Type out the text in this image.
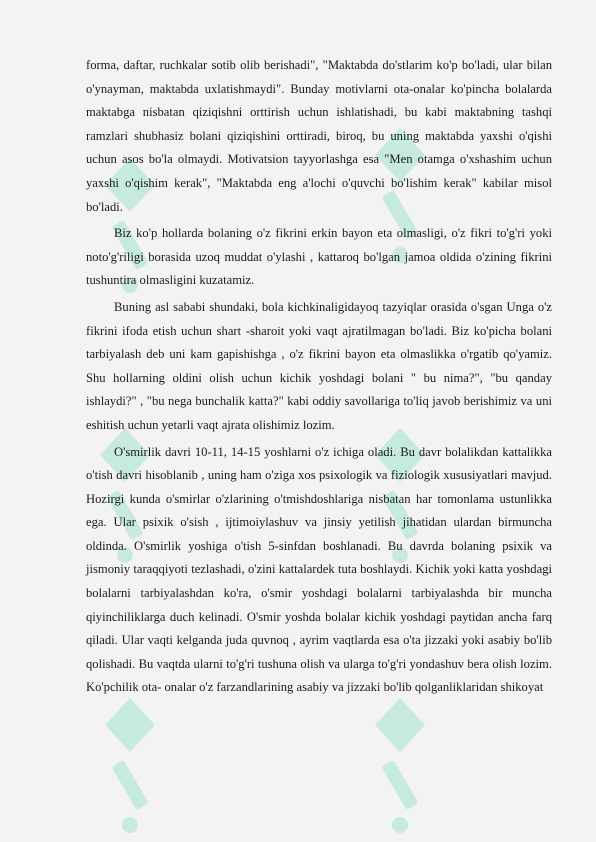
forma, daftar, ruchkalar sotib olib berishadi", "Maktabda do'stlarim ko'p bo'ladi, ular bilan o'ynayman, maktabda uxlatishmaydi". Bunday motivlarni ota-onalar ko'pincha bolalarda maktabga nisbatan qiziqishni orttirish uchun ishlatishadi, bu kabi maktabning tashqi ramzlari shubhasiz bolani qiziqishini orttiradi, biroq, bu uning maktabda yaxshi o'qishi uchun asos bo'la olmaydi. Motivatsion tayyorlashga esa "Men otamga o'xshashim uchun yaxshi o'qishim kerak", "Maktabda eng a'lochi o'quvchi bo'lishim kerak" kabilar misol bo'ladi.

Biz ko'p hollarda bolaning o'z fikrini erkin bayon eta olmasligi, o'z fikri to'g'ri yoki noto'g'riligi borasida uzoq muddat o'ylashi , kattaroq bo'lgan jamoa oldida o'zining fikrini tushuntira olmasligini kuzatamiz.

Buning asl sababi shundaki, bola kichkinaligidayoq tazyiqlar orasida o'sgan Unga o'z fikrini ifoda etish uchun shart -sharoit yoki vaqt ajratilmagan bo'ladi. Biz ko'picha bolani tarbiyalash deb uni kam gapishishga , o'z fikrini bayon eta olmaslikka o'rgatib qo'yamiz. Shu hollarning oldini olish uchun kichik yoshdagi bolani " bu nima?", "bu qanday ishlaydi?" , "bu nega bunchalik katta?" kabi oddiy savollariga to'liq javob berishimiz va uni eshitish uchun yetarli vaqt ajrata olishimiz lozim.

O'smirlik davri 10-11, 14-15 yoshlarni o'z ichiga oladi. Bu davr bolalikdan kattalikka o'tish davri hisoblanib , uning ham o'ziga xos psixologik va fiziologik xususiyatlari mavjud. Hozirgi kunda o'smirlar o'zlarining o'tmishdoshlariga nisbatan har tomonlama ustunlikka ega. Ular psixik o'sish , ijtimoiylashuv va jinsiy yetilish jihatidan ulardan birmuncha oldinda. O'smirlik yoshiga o'tish 5-sinfdan boshlanadi. Bu davrda bolaning psixik va jismoniy taraqqiyoti tezlashadi, o'zini kattalardek tuta boshlaydi. Kichik yoki katta yoshdagi bolalarni tarbiyalashdan ko'ra, o'smir yoshdagi bolalarni tarbiyalashda bir muncha qiyinchiliklarga duch kelinadi. O'smir yoshda bolalar kichik yoshdagi paytidan ancha farq qiladi. Ular vaqti kelganda juda quvnoq , ayrim vaqtlarda esa o'ta jizzaki yoki asabiy bo'lib qolishadi. Bu vaqtda ularni to'g'ri tushuna olish va ularga to'g'ri yondashuv bera olish lozim. Ko'pchilik ota- onalar o'z farzandlarining asabiy va jizzaki bo'lib qolganliklaridan shikoyat
